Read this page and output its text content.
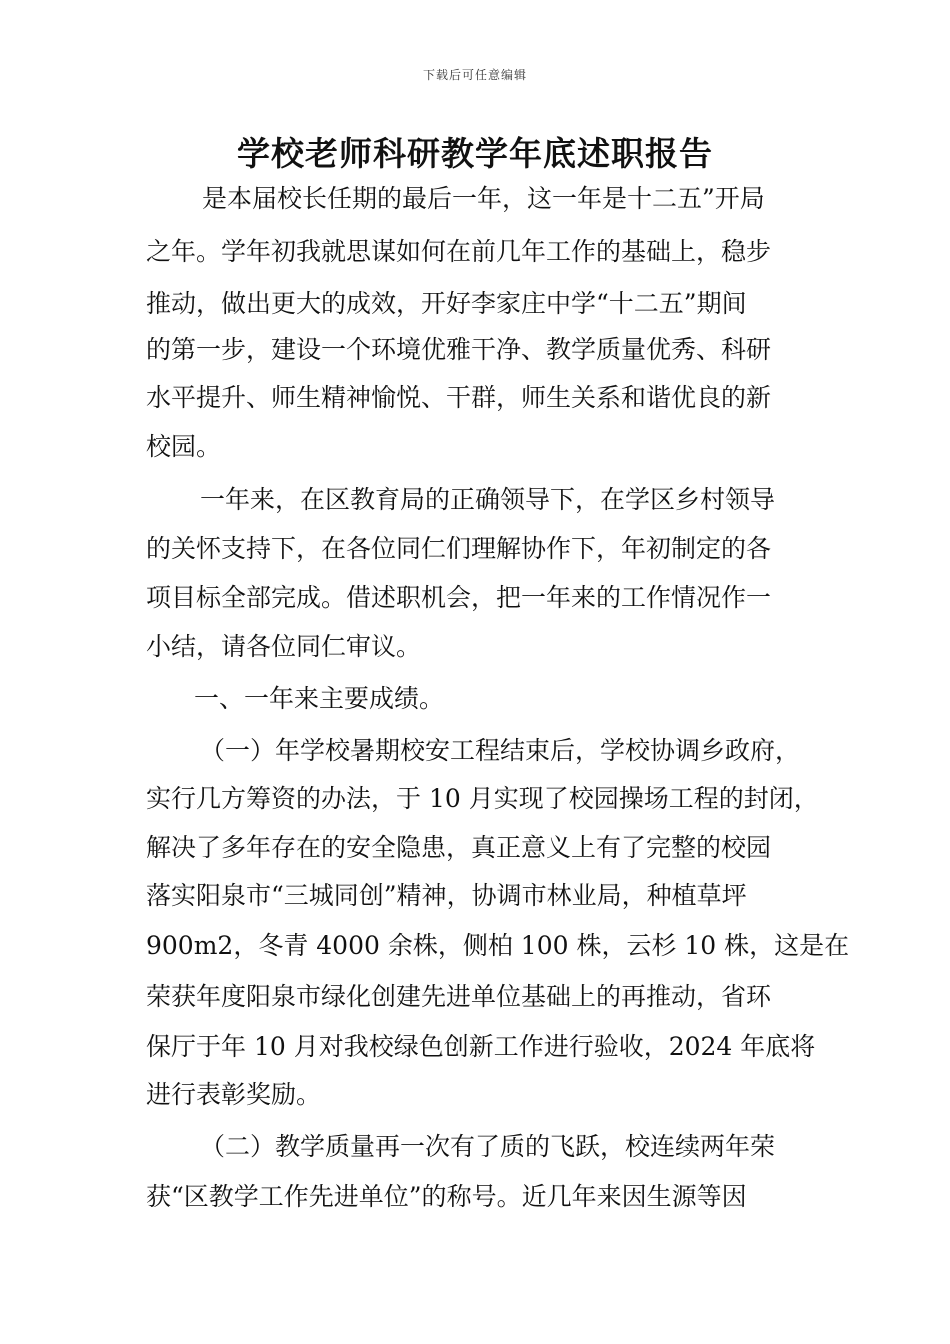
下载后可任意编辑
学校老师科研教学年底述职报告
是本届校长任期的最后一年，这一年是十二五”开局
之年。学年初我就思谋如何在前几年工作的基础上，稳步
推动，做出更大的成效，开好李家庄中学“十二五”期间
的第一步，建设一个环境优雅干净、教学质量优秀、科研
水平提升、师生精神愉悦、干群，师生关系和谐优良的新
校园。
一年来，在区教育局的正确领导下，在学区乡村领导
的关怀支持下，在各位同仁们理解协作下，年初制定的各
项目标全部完成。借述职机会，把一年来的工作情况作一
小结，请各位同仁审议。
一、一年来主要成绩。
（一）年学校暑期校安工程结束后，学校协调乡政府，
实行几方筹资的办法，于 10 月实现了校园操场工程的封闭，
解决了多年存在的安全隐患，真正意义上有了完整的校园
落实阳泉市“三城同创”精神，协调市林业局，种植草坪
900m2，冬青 4000 余株，侧柏 100 株，云杉 10 株，这是在
荣获年度阳泉市绿化创建先进单位基础上的再推动，省环
保厅于年 10 月对我校绿色创新工作进行验收，2024 年底将
进行表彰奖励。
（二）教学质量再一次有了质的飞跃，校连续两年荣
获“区教学工作先进单位”的称号。近几年来因生源等因
